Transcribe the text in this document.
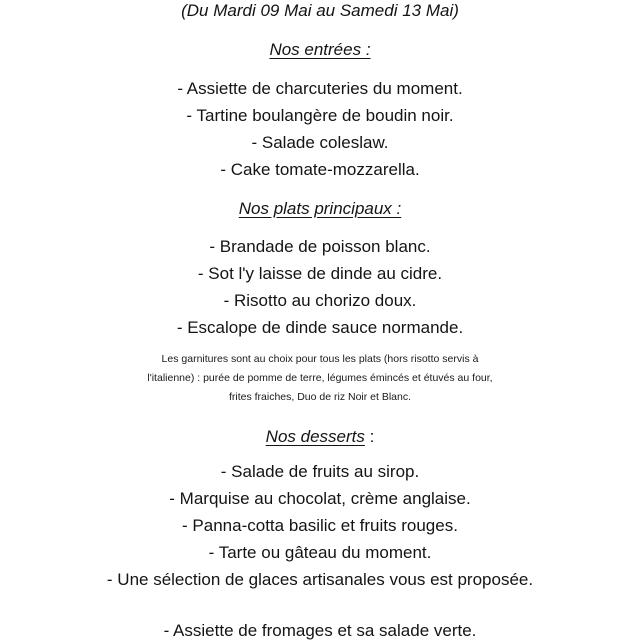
(Du Mardi 09 Mai au Samedi 13 Mai)
Nos entrées :
- Assiette de charcuteries du moment.
- Tartine boulangère de boudin noir.
- Salade coleslaw.
- Cake tomate-mozzarella.
Nos plats principaux :
- Brandade de poisson blanc.
- Sot l'y laisse de dinde au cidre.
- Risotto au chorizo doux.
- Escalope de dinde sauce normande.
Les garnitures sont au choix pour tous les plats (hors risotto servis à
l'italienne) : purée de pomme de terre, légumes émincés et étuvés au four,
frites fraiches, Duo de riz Noir et Blanc.
Nos desserts :
- Salade de fruits au sirop.
- Marquise au chocolat, crème anglaise.
- Panna-cotta basilic et fruits rouges.
- Tarte ou gâteau du moment.
- Une sélection de glaces artisanales vous est proposée.
- Assiette de fromages et sa salade verte.
